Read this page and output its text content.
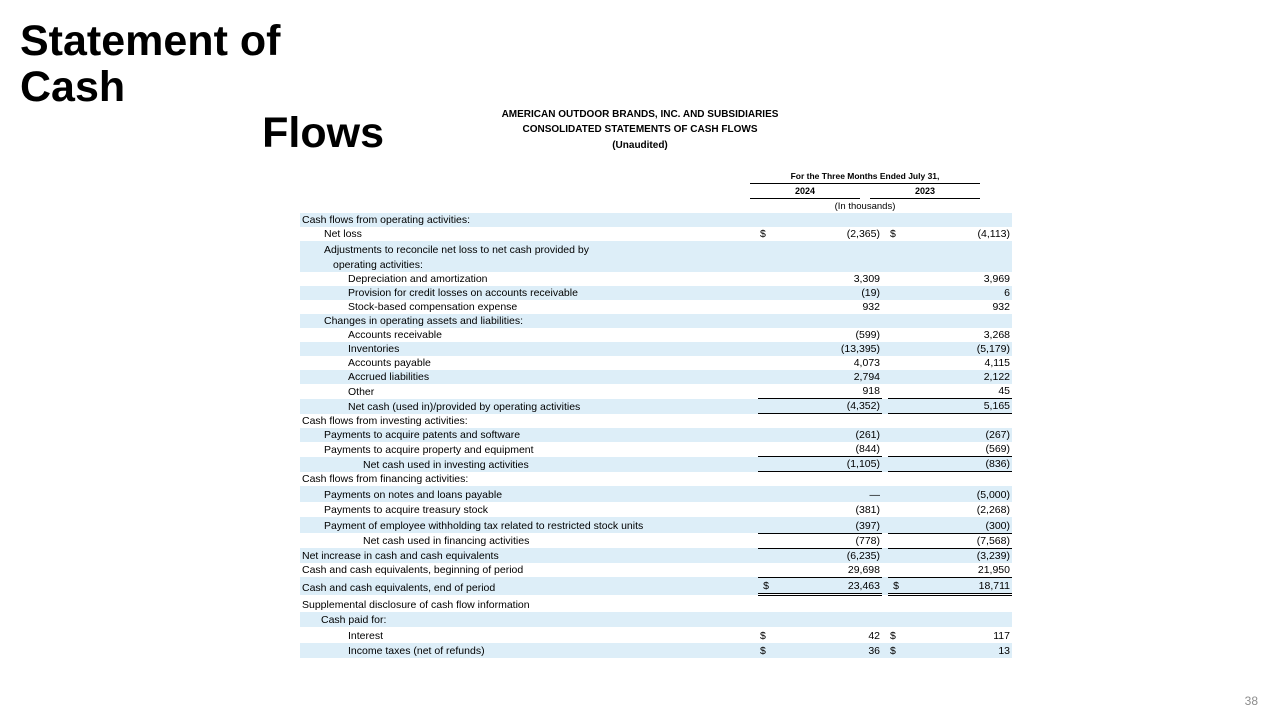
Statement of Cash
Flows	AMERICAN OUTDOOR BRANDS, INC. AND SUBSIDIARIES
CONSOLIDATED STATEMENTS OF CASH FLOWS
(Unaudited)
For the Three Months Ended July 31,
2024	2023
(In thousands)
Cash flows from operating activities:						
Net loss		$	(2,365)		$	(4,113)
Adjustments to reconcile net loss to net cash provided by						
operating activities:						
Depreciation and amortization			3,309			3,969
Provision for credit losses on accounts receivable			(19)			6
Stock-based compensation expense			932			932
Changes in operating assets and liabilities:						
Accounts receivable			(599)			3,268
Inventories			(13,395)			(5,179)
Accounts payable			4,073			4,115
Accrued liabilities			2,794			2,122
Other			918			45
Net cash (used in)/provided by operating activities			(4,352)			5,165
Cash flows from investing activities:						
Payments to acquire patents and software			(261)			(267)
Payments to acquire property and equipment			(844)			(569)
Net cash used in investing activities			(1,105)			(836)
Cash flows from financing activities:						
Payments on notes and loans payable			—			(5,000)
Payments to acquire treasury stock			(381)			(2,268)
Payment of employee withholding tax related to restricted stock units			(397)			(300)
Net cash used in financing activities			(778)			(7,568)
Net increase in cash and cash equivalents			(6,235)			(3,239)
Cash and cash equivalents, beginning of period			29,698			21,950
Cash and cash equivalents, end of period		$	23,463		$	18,711
Supplemental disclosure of cash flow information						
Cash paid for:						
Interest		$	42		$	117
Income taxes (net of refunds)		$	36		$	13
38
